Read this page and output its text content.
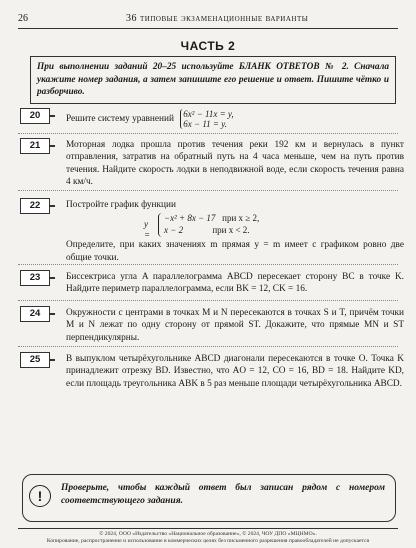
26	36 типовые экзаменационные варианты
ЧАСТЬ 2
При выполнении заданий 20–25 используйте БЛАНК ОТВЕТОВ № 2. Сначала укажите номер задания, а затем запишите его решение и ответ. Пишите чётко и разборчиво.
20	Решите систему уравнений 6x² − 11x = y,
6x − 11 = y.
21	Моторная лодка прошла против течения реки 192 км и вернулась в пункт отправления, затратив на обратный путь на 4 часа меньше, чем на путь против течения. Найдите скорость лодки в неподвижной воде, если скорость течения равна 4 км/ч.
22	Постройте график функции
y =
−x² + 8x − 17 при x ≥ 2,
x − 2	при x < 2.
Определите, при каких значениях m прямая y = m имеет с графиком ровно две общие точки.
23	Биссектриса угла A параллелограмма ABCD пересекает сторону BC в точке K. Найдите периметр параллелограмма, если BK = 12, CK = 16.
24	Окружности с центрами в точках M и N пересекаются в точках S и T, причём точки M и N лежат по одну сторону от прямой ST. Докажите, что прямые MN и ST перпендикулярны.
25	В выпуклом четырёхугольнике ABCD диагонали пересекаются в точке O. Точка K принадлежит отрезку BD. Известно, что AO = 12, CO = 16, BD = 18. Найдите KD, если площадь треугольника ABK в 5 раз меньше площади четырёхугольника ABCD.
!	Проверьте, чтобы каждый ответ был записан рядом с номером соответствующего задания.
© 2024, ООО «Издательство «Национальное образование», © 2024, ЧОУ ДПО «МЦНМО».
Копирование, распространение и использование в коммерческих целях без письменного разрешения правообладателей не допускается
